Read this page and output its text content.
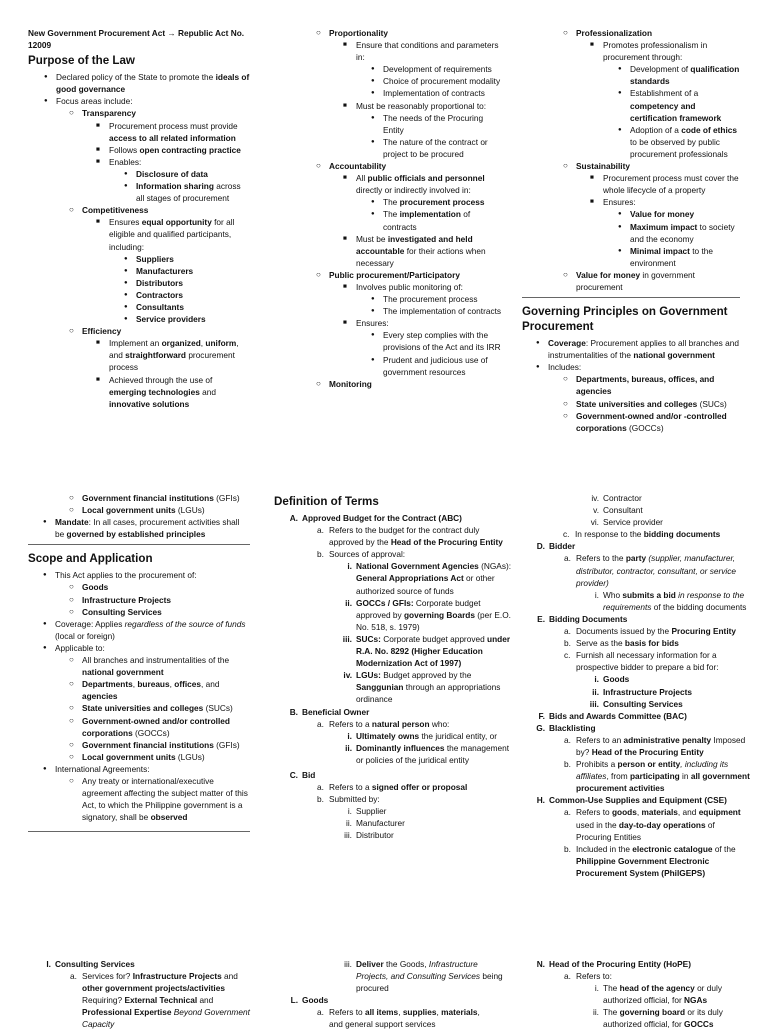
New Government Procurement Act → Republic Act No. 12009

Purpose of the Law

● Declared policy of the State to promote the ideals of good governance

● Focus areas include:

○ Transparency

■ Procurement process must provide access to all related information

■ Follows open contracting practice

■ Enables:

● Disclosure of data

● Information sharing across all stages of procurement

○ Competitiveness

■ Ensures equal opportunity for all eligible and qualified participants, including:

● Suppliers

● Manufacturers

● Distributors

● Contractors

● Consultants

● Service providers

○ Efficiency

■ Implement an organized, uniform, and straightforward procurement process

■ Achieved through the use of emerging technologies and innovative solutions

○ Proportionality

■ Ensure that conditions and parameters in:

● Development of requirements

● Choice of procurement modality

● Implementation of contracts

■ Must be reasonably proportional to:

● The needs of the Procuring Entity

● The nature of the contract or project to be procured

○ Accountability

■ All public officials and personnel directly or indirectly involved in:

● The procurement process

● The implementation of contracts

■ Must be investigated and held accountable for their actions when necessary

○ Public procurement/Participatory

■ Involves public monitoring of:

● The procurement process

● The implementation of contracts

■ Ensures:

● Every step complies with the provisions of the Act and its IRR

● Prudent and judicious use of government resources

○ Monitoring

○ Professionalization

■ Promotes professionalism in procurement through:

● Development of qualification standards

● Establishment of a competency and certification framework

● Adoption of a code of ethics to be observed by public procurement professionals

○ Sustainability

■ Procurement process must cover the whole lifecycle of a property

■ Ensures:

● Value for money

● Maximum impact to society and the economy

● Minimal impact to the environment

○ Value for money in government procurement

Governing Principles on Government Procurement

● Coverage: Procurement applies to all branches and instrumentalities of the national government

● Includes:

○ Departments, bureaus, offices, and agencies

○ State universities and colleges (SUCs)

○ Government-owned and/or -controlled corporations (GOCCs)

○ Government financial institutions (GFIs)

○ Local government units (LGUs)

● Mandate: In all cases, procurement activities shall be governed by established principles

Scope and Application

● This Act applies to the procurement of:

○ Goods

○ Infrastructure Projects

○ Consulting Services

● Coverage: Applies regardless of the source of funds (local or foreign)

● Applicable to:

○ All branches and instrumentalities of the national government

○ Departments, bureaus, offices, and agencies

○ State universities and colleges (SUCs)

○ Government-owned and/or controlled corporations (GOCCs)

○ Government financial institutions (GFIs)

○ Local government units (LGUs)

● International Agreements:

○ Any treaty or international/executive agreement affecting the subject matter of this Act, to which the Philippine government is a signatory, shall be observed

Definition of Terms

A. Approved Budget for the Contract (ABC)

a. Refers to the budget for the contract duly approved by the Head of the Procuring Entity

b. Sources of approval:

i. National Government Agencies (NGAs): General Appropriations Act or other authorized source of funds

ii. GOCCs / GFIs: Corporate budget approved by governing Boards (per E.O. No. 518, s. 1979)

iii. SUCs: Corporate budget approved under R.A. No. 8292 (Higher Education Modernization Act of 1997)

iv. LGUs: Budget approved by the Sanggunian through an appropriations ordinance

B. Beneficial Owner

a. Refers to a natural person who:

i. Ultimately owns the juridical entity, or

ii. Dominantly influences the management or policies of the juridical entity

C. Bid

a. Refers to a signed offer or proposal

b. Submitted by:

i. Supplier

ii. Manufacturer

iii. Distributor

iv. Contractor

v. Consultant

vi. Service provider

c. In response to the bidding documents

D. Bidder

a. Refers to the party (supplier, manufacturer, distributor, contractor, consultant, or service provider)

i. Who submits a bid in response to the requirements of the bidding documents

E. Bidding Documents

a. Documents issued by the Procuring Entity

b. Serve as the basis for bids

c. Furnish all necessary information for a prospective bidder to prepare a bid for:

i. Goods

ii. Infrastructure Projects

iii. Consulting Services

F. Bids and Awards Committee (BAC)

G. Blacklisting

a. Refers to an administrative penalty Imposed by? Head of the Procuring Entity

b. Prohibits a person or entity, including its affiliates, from participating in all government procurement activities

H. Common-Use Supplies and Equipment (CSE)

a. Refers to goods, materials, and equipment used in the day-to-day operations of Procuring Entities

b. Included in the electronic catalogue of the Philippine Government Electronic Procurement System (PhilGEPS)

I. Consulting Services

a. Services for? Infrastructure Projects and other government projects/activities Requiring? External Technical and Professional Expertise Beyond Government Capacity

iii. Deliver the Goods, Infrastructure Projects, and Consulting Services being procured

L. Goods

a. Refers to all items, supplies, materials,

and general support services

N. Head of the Procuring Entity (HoPE)

a. Refers to:

i. The head of the agency or duly authorized official, for NGAs

ii. The governing board or its duly authorized official, for GOCCs
